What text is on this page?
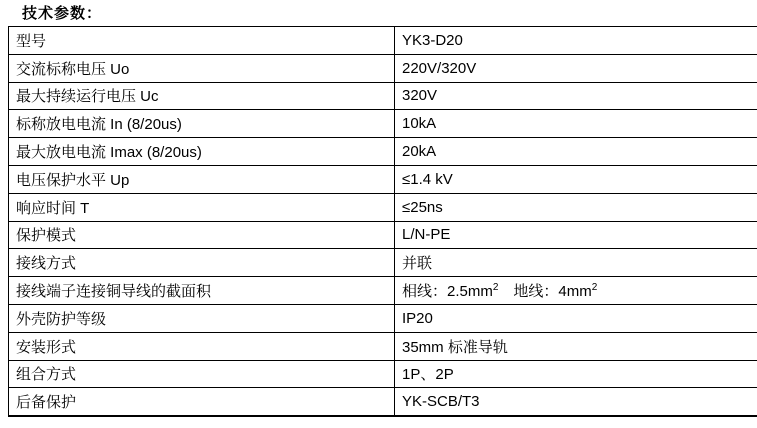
技术参数：
型号	YK3-D20
交流标称电压 Uo	220V/320V
最大持续运行电压 Uc	320V
标称放电电流 In (8/20us)	10kA
最大放电电流 Imax (8/20us)	20kA
电压保护水平 Up	≤1.4 kV
响应时间 T	≤25ns
保护模式	L/N-PE
接线方式	并联
接线端子连接铜导线的截面积	相线：$2.5mm^2$　地线：$4mm^2$
外壳防护等级	IP20
安装形式	35mm 标准导轨
组合方式	1P、2P
后备保护	YK-SCB/T3
